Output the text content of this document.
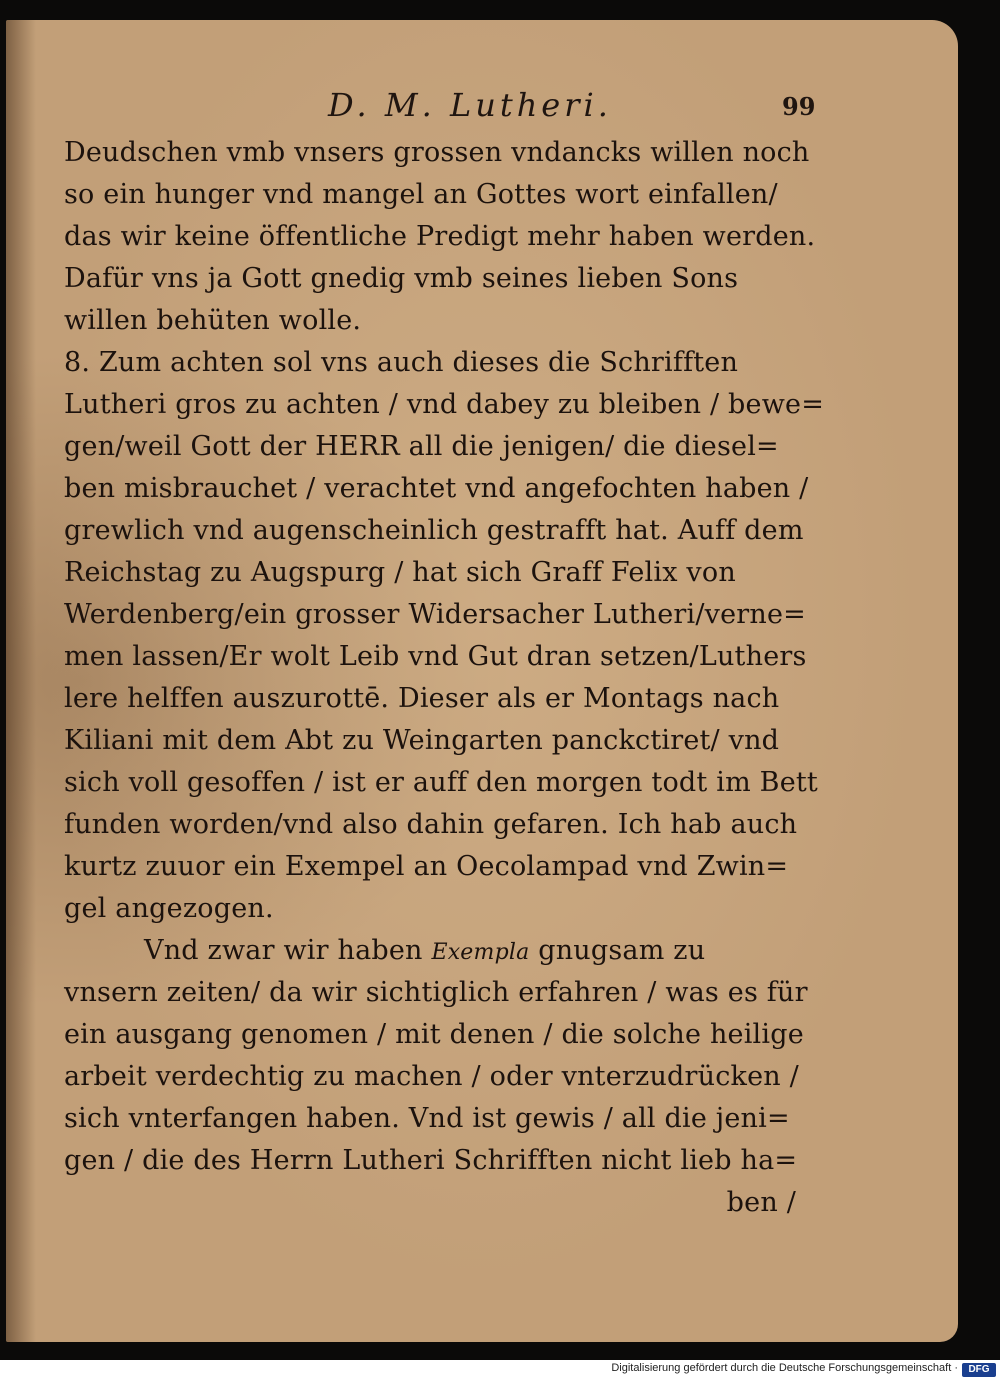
D. M. Lutheri.	99
Deudschen vmb vnsers grossen vndancks willen noch
so ein hunger vnd mangel an Gottes wort einfallen/
das wir keine öffentliche Predigt mehr haben werden.
Dafür vns ja Gott gnedig vmb seines lieben Sons
willen behüten wolle.
8. Zum achten sol vns auch dieses die Schrifften
Lutheri gros zu achten / vnd dabey zu bleiben / bewe=
gen/weil Gott der HERR all die jenigen/ die diesel=
ben misbrauchet / verachtet vnd angefochten haben /
grewlich vnd augenscheinlich gestrafft hat. Auff dem
Reichstag zu Augspurg / hat sich Graff Felix von
Werdenberg/ein grosser Widersacher Lutheri/verne=
men lassen/Er wolt Leib vnd Gut dran setzen/Luthers
lere helffen auszurottē. Dieser als er Montags nach
Kiliani mit dem Abt zu Weingarten panckctiret/ vnd
sich voll gesoffen / ist er auff den morgen todt im Bett
funden worden/vnd also dahin gefaren. Ich hab auch
kurtz zuuor ein Exempel an Oecolampad vnd Zwin=
gel angezogen.
Vnd zwar wir haben Exempla gnugsam zu
vnsern zeiten/ da wir sichtiglich erfahren / was es für
ein ausgang genomen / mit denen / die solche heilige
arbeit verdechtig zu machen / oder vnterzudrücken /
sich vnterfangen haben. Vnd ist gewis / all die jeni=
gen / die des Herrn Lutheri Schrifften nicht lieb ha=
ben /
Digitalisierung gefördert durch die Deutsche Forschungsgemeinschaft ·	DFG
